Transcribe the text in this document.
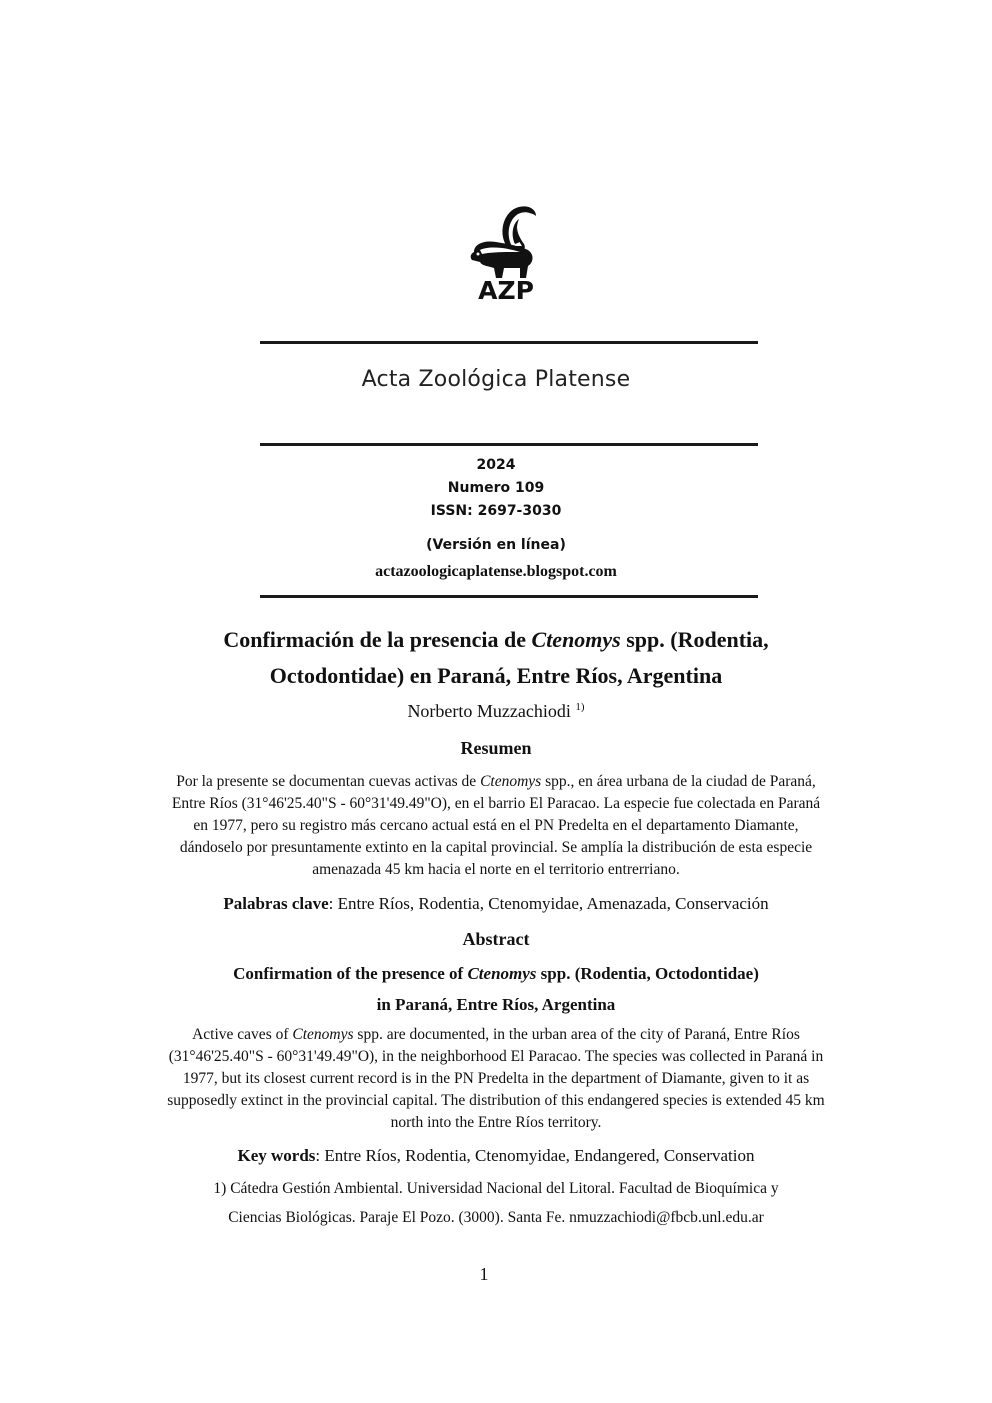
AZP
Acta Zoológica Platense
2024
Numero 109
ISSN: 2697-3030
(Versión en línea)
actazoologicaplatense.blogspot.com
Confirmación de la presencia de Ctenomys spp. (Rodentia,
Octodontidae) en Paraná, Entre Ríos, Argentina
Norberto Muzzachiodi $^{1)}$
Resumen
Por la presente se documentan cuevas activas de Ctenomys spp., en área urbana de la ciudad de Paraná,
Entre Ríos (31°46'25.40"S - 60°31'49.49"O), en el barrio El Paracao. La especie fue colectada en Paraná
en 1977, pero su registro más cercano actual está en el PN Predelta en el departamento Diamante,
dándoselo por presuntamente extinto en la capital provincial. Se amplía la distribución de esta especie
amenazada 45 km hacia el norte en el territorio entrerriano.
Palabras clave: Entre Ríos, Rodentia, Ctenomyidae, Amenazada, Conservación
Abstract
Confirmation of the presence of Ctenomys spp. (Rodentia, Octodontidae)
in Paraná, Entre Ríos, Argentina
Active caves of Ctenomys spp. are documented, in the urban area of the city of Paraná, Entre Ríos
(31°46'25.40"S - 60°31'49.49"O), in the neighborhood El Paracao. The species was collected in Paraná in
1977, but its closest current record is in the PN Predelta in the department of Diamante, given to it as
supposedly extinct in the provincial capital. The distribution of this endangered species is extended 45 km
north into the Entre Ríos territory.
Key words: Entre Ríos, Rodentia, Ctenomyidae, Endangered, Conservation
1) Cátedra Gestión Ambiental. Universidad Nacional del Litoral. Facultad de Bioquímica y
Ciencias Biológicas. Paraje El Pozo. (3000). Santa Fe. nmuzzachiodi@fbcb.unl.edu.ar
1
